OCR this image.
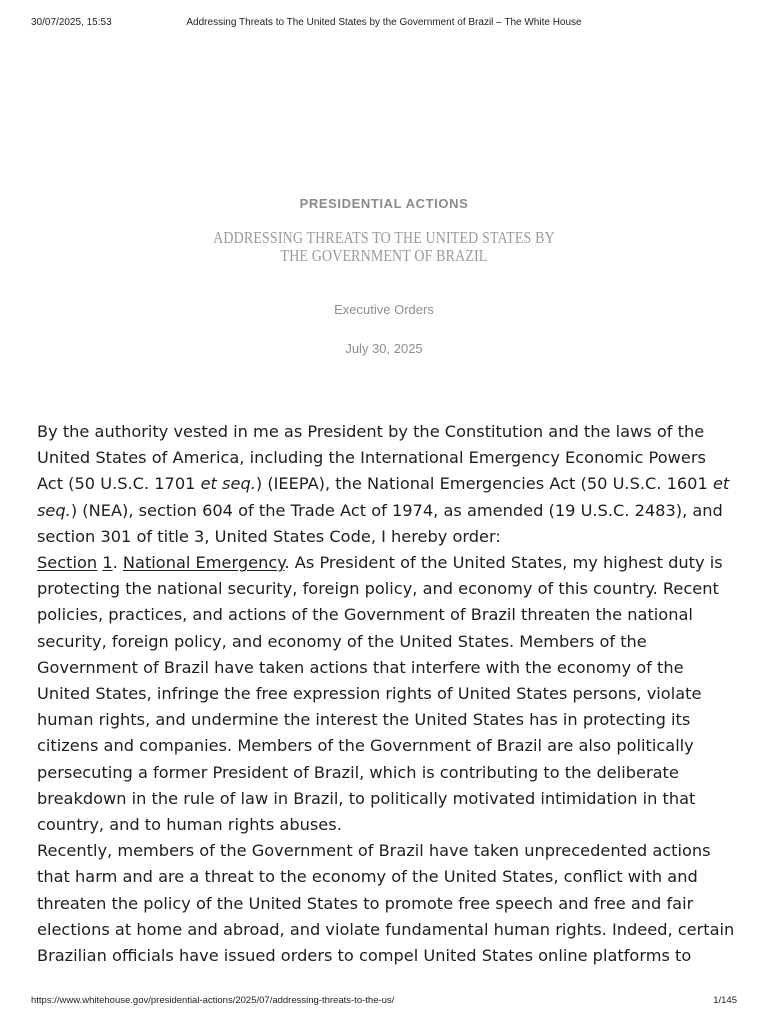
30/07/2025, 15:53	Addressing Threats to The United States by the Government of Brazil – The White House
PRESIDENTIAL ACTIONS
ADDRESSING THREATS TO THE UNITED STATES BY
THE GOVERNMENT OF BRAZIL
Executive Orders
July 30, 2025

By the authority vested in me as President by the Constitution and the laws of the United States of America, including the International Emergency Economic Powers Act (50 U.S.C. 1701 et seq.) (IEEPA), the National Emergencies Act (50 U.S.C. 1601 et seq.) (NEA), section 604 of the Trade Act of 1974, as amended (19 U.S.C. 2483), and section 301 of title 3, United States Code, I hereby order:

Section 1. National Emergency. As President of the United States, my highest duty is protecting the national security, foreign policy, and economy of this country. Recent policies, practices, and actions of the Government of Brazil threaten the national security, foreign policy, and economy of the United States. Members of the Government of Brazil have taken actions that interfere with the economy of the United States, infringe the free expression rights of United States persons, violate human rights, and undermine the interest the United States has in protecting its citizens and companies. Members of the Government of Brazil are also politically persecuting a former President of Brazil, which is contributing to the deliberate breakdown in the rule of law in Brazil, to politically motivated intimidation in that country, and to human rights abuses.

Recently, members of the Government of Brazil have taken unprecedented actions that harm and are a threat to the economy of the United States, conflict with and threaten the policy of the United States to promote free speech and free and fair elections at home and abroad, and violate fundamental human rights. Indeed, certain Brazilian officials have issued orders to compel United States online platforms to

https://www.whitehouse.gov/presidential-actions/2025/07/addressing-threats-to-the-us/	1/145
